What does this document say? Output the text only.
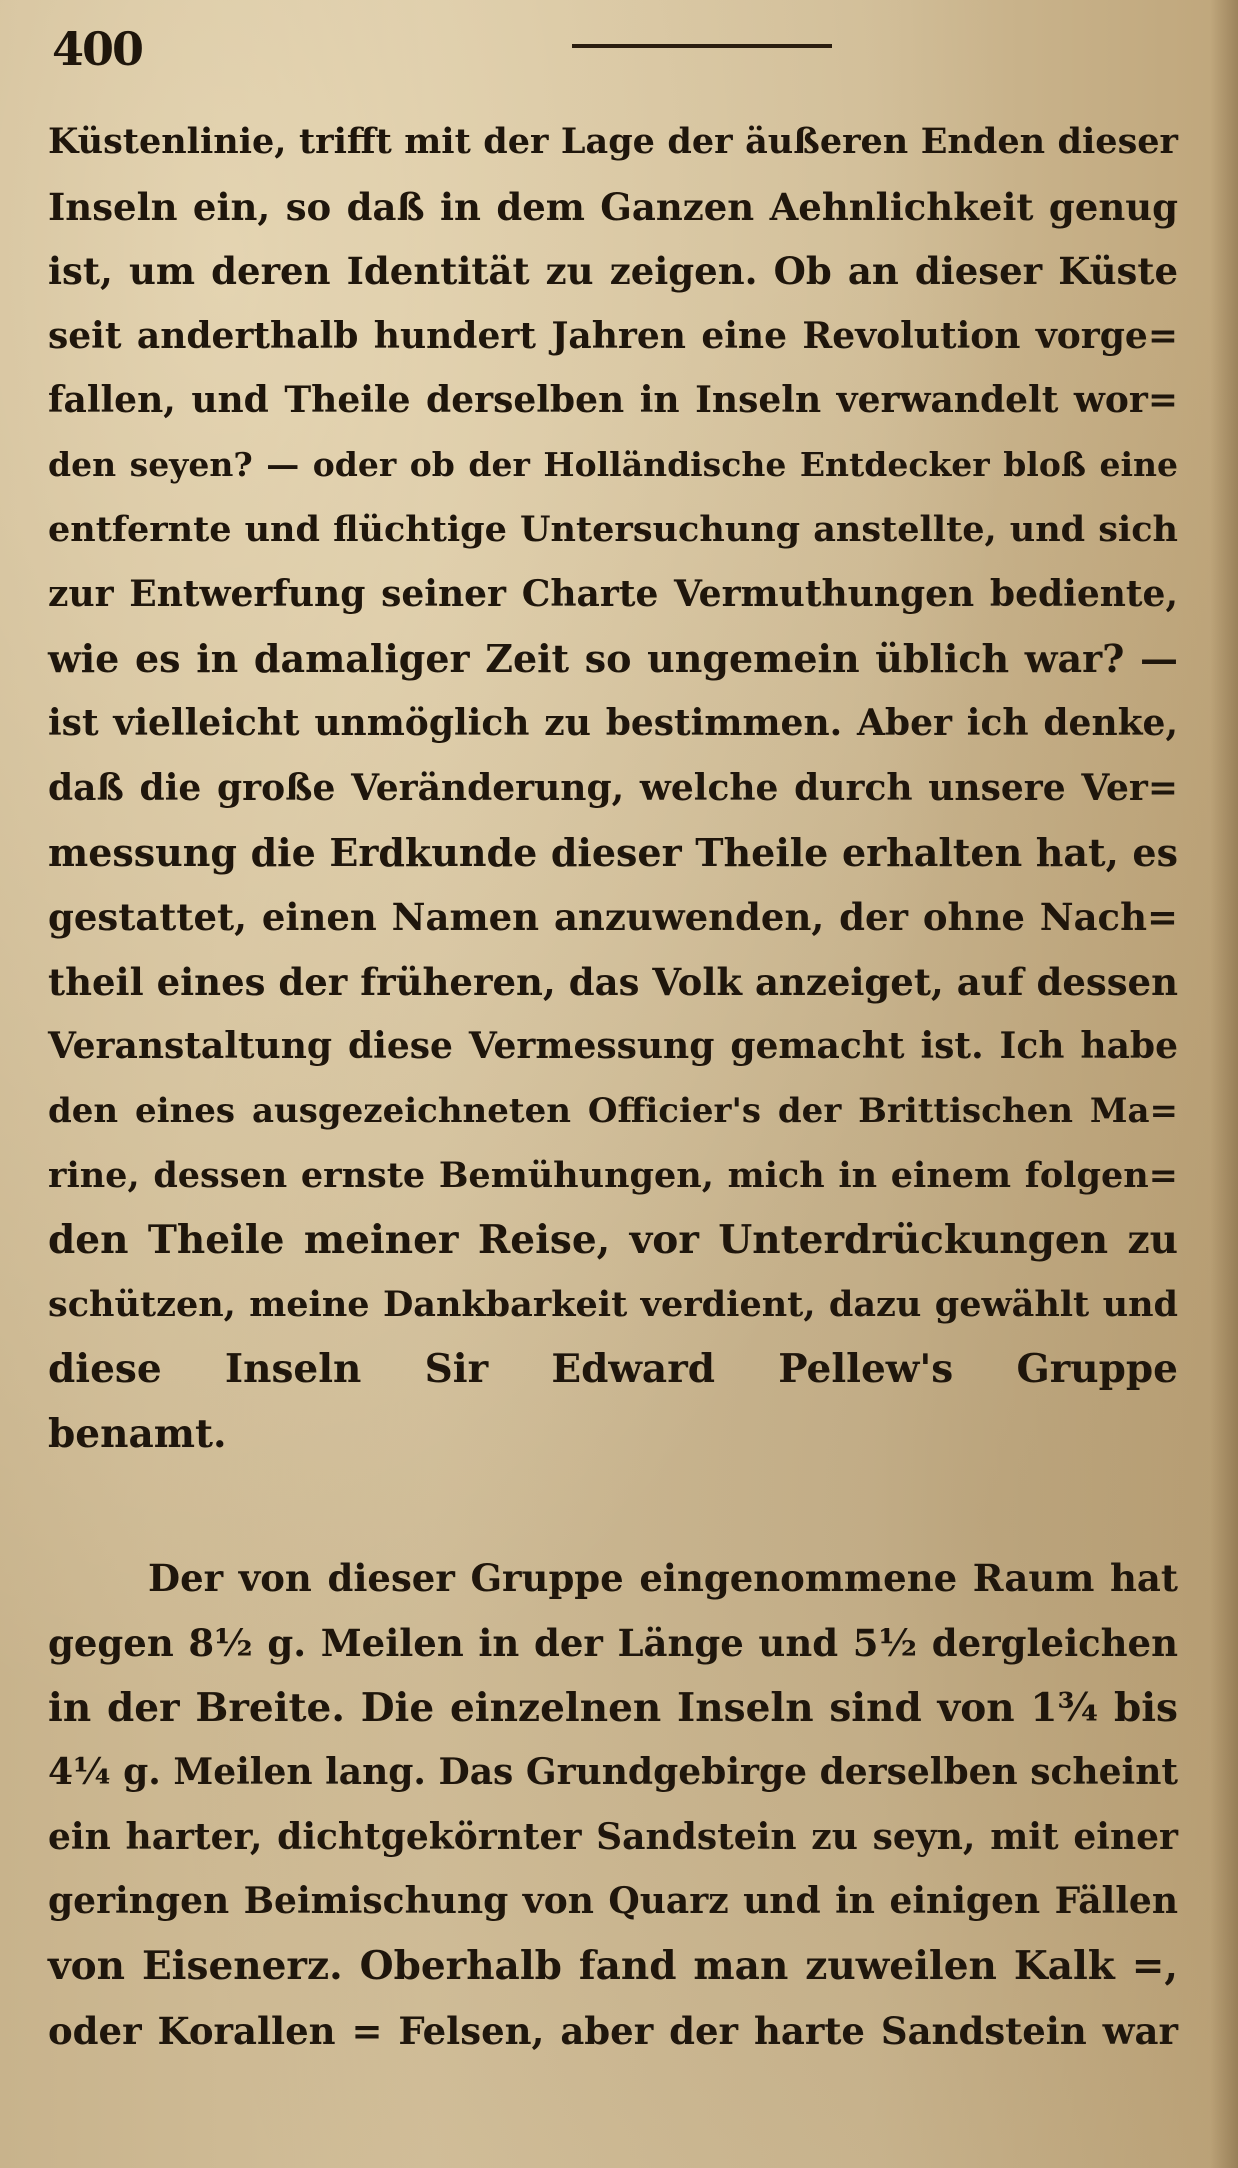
400
Küstenlinie, trifft mit der Lage der äußeren Enden dieser
Inseln ein, so daß in dem Ganzen Aehnlichkeit genug
ist, um deren Identität zu zeigen. Ob an dieser Küste
seit anderthalb hundert Jahren eine Revolution vorge=
fallen, und Theile derselben in Inseln verwandelt wor=
den seyen? — oder ob der Holländische Entdecker bloß eine
entfernte und flüchtige Untersuchung anstellte, und sich
zur Entwerfung seiner Charte Vermuthungen bediente,
wie es in damaliger Zeit so ungemein üblich war? —
ist vielleicht unmöglich zu bestimmen. Aber ich denke,
daß die große Veränderung, welche durch unsere Ver=
messung die Erdkunde dieser Theile erhalten hat, es
gestattet, einen Namen anzuwenden, der ohne Nach=
theil eines der früheren, das Volk anzeiget, auf dessen
Veranstaltung diese Vermessung gemacht ist. Ich habe
den eines ausgezeichneten Officier's der Brittischen Ma=
rine, dessen ernste Bemühungen, mich in einem folgen=
den Theile meiner Reise, vor Unterdrückungen zu
schützen, meine Dankbarkeit verdient, dazu gewählt und
diese Inseln Sir Edward Pellew's Gruppe
benamt.
Der von dieser Gruppe eingenommene Raum hat
gegen 8½ g. Meilen in der Länge und 5½ dergleichen
in der Breite. Die einzelnen Inseln sind von 1¾ bis
4¼ g. Meilen lang. Das Grundgebirge derselben scheint
ein harter, dichtgekörnter Sandstein zu seyn, mit einer
geringen Beimischung von Quarz und in einigen Fällen
von Eisenerz. Oberhalb fand man zuweilen Kalk =,
oder Korallen = Felsen, aber der harte Sandstein war
